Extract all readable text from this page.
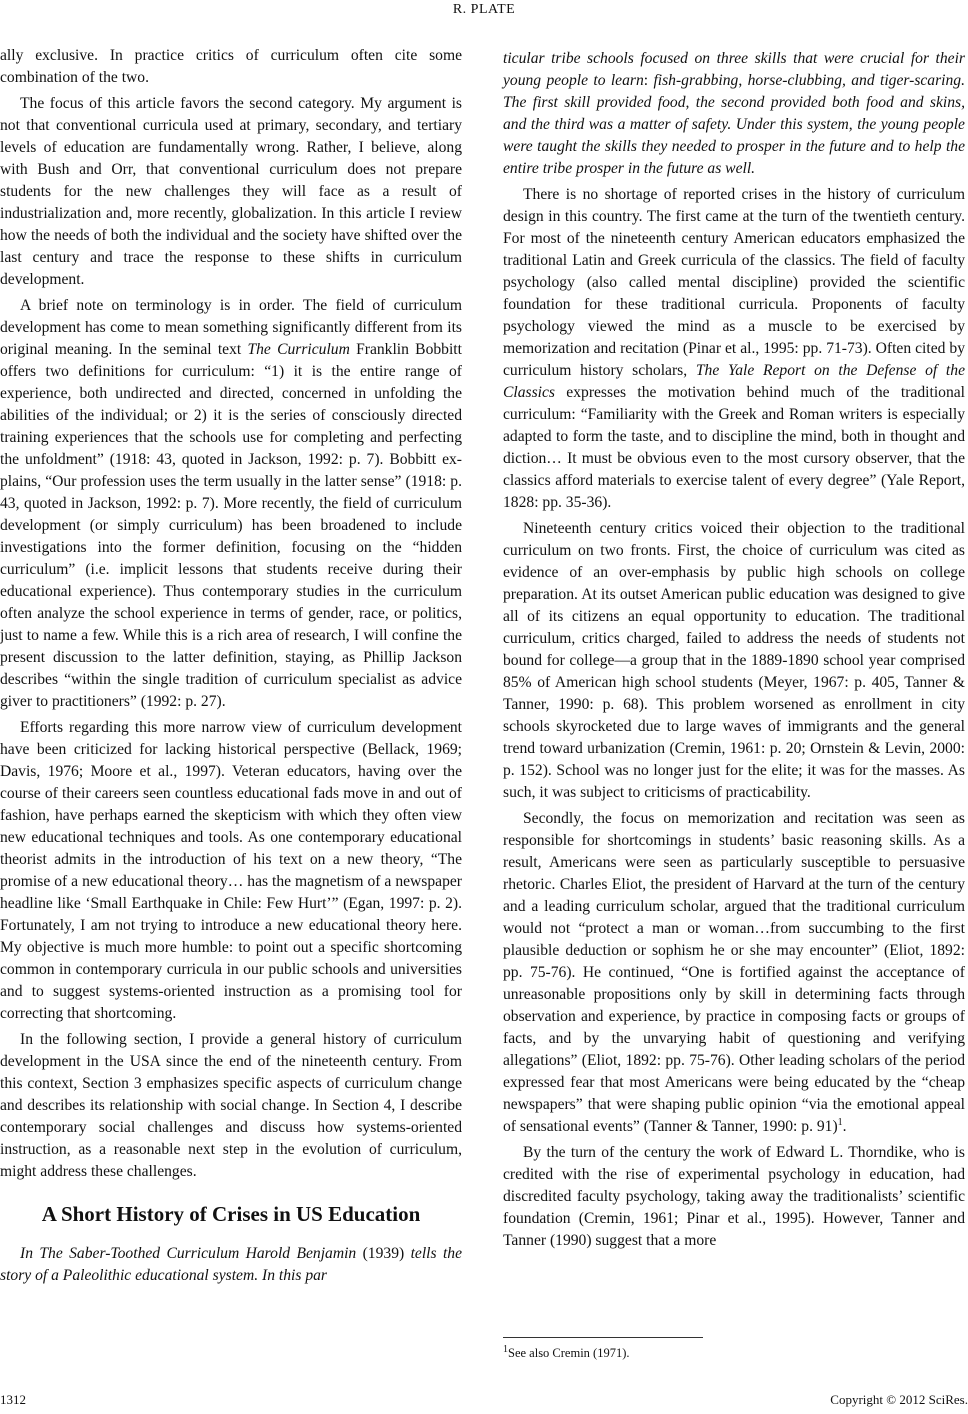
R. PLATE

ally exclusive. In practice critics of curriculum often cite some combination of the two.

The focus of this article favors the second category. My argument is not that conventional curricula used at primary, secondary, and tertiary levels of education are fundamentally wrong. Rather, I believe, along with Bush and Orr, that conventional curriculum does not prepare students for the new challenges they will face as a result of industrialization and, more recently, globalization. In this article I review how the needs of both the individual and the society have shifted over the last century and trace the response to these shifts in curriculum development.

A brief note on terminology is in order. The field of curriculum development has come to mean something significantly different from its original meaning. In the seminal text The Curriculum Franklin Bobbitt offers two definitions for curriculum: “1) it is the entire range of experience, both undirected and directed, concerned in unfolding the abilities of the individual; or 2) it is the series of consciously directed training experiences that the schools use for completing and perfecting the unfoldment” (1918: 43, quoted in Jackson, 1992: p. 7). Bobbitt explains, “Our profession uses the term usually in the latter sense” (1918: p. 43, quoted in Jackson, 1992: p. 7). More recently, the field of curriculum development (or simply curriculum) has been broadened to include investigations into the former definition, focusing on the “hidden curriculum” (i.e. implicit lessons that students receive during their educational experience). Thus contemporary studies in the curriculum often analyze the school experience in terms of gender, race, or politics, just to name a few. While this is a rich area of research, I will confine the present discussion to the latter definition, staying, as Phillip Jackson describes “within the single tradition of curriculum specialist as advice giver to practitioners” (1992: p. 27).

Efforts regarding this more narrow view of curriculum development have been criticized for lacking historical perspective (Bellack, 1969; Davis, 1976; Moore et al., 1997). Veteran educators, having over the course of their careers seen countless educational fads move in and out of fashion, have perhaps earned the skepticism with which they often view new educational techniques and tools. As one contemporary educational theorist admits in the introduction of his text on a new theory, “The promise of a new educational theory… has the magnetism of a newspaper headline like ‘Small Earthquake in Chile: Few Hurt’” (Egan, 1997: p. 2). Fortunately, I am not trying to introduce a new educational theory here. My objective is much more humble: to point out a specific shortcoming common in contemporary curricula in our public schools and universities and to suggest systems-oriented instruction as a promising tool for correcting that shortcoming.

In the following section, I provide a general history of curriculum development in the USA since the end of the nineteenth century. From this context, Section 3 emphasizes specific aspects of curriculum change and describes its relationship with social change. In Section 4, I describe contemporary social challenges and discuss how systems-oriented instruction, as a reasonable next step in the evolution of curriculum, might address these challenges.

A Short History of Crises in US Education

In The Saber-Toothed Curriculum Harold Benjamin (1939) tells the story of a Paleolithic educational system. In this par

ticular tribe schools focused on three skills that were crucial for their young people to learn: fish-grabbing, horse-clubbing, and tiger-scaring. The first skill provided food, the second provided both food and skins, and the third was a matter of safety. Under this system, the young people were taught the skills they needed to prosper in the future and to help the entire tribe prosper in the future as well.

There is no shortage of reported crises in the history of curriculum design in this country. The first came at the turn of the twentieth century. For most of the nineteenth century American educators emphasized the traditional Latin and Greek curricula of the classics. The field of faculty psychology (also called mental discipline) provided the scientific foundation for these traditional curricula. Proponents of faculty psychology viewed the mind as a muscle to be exercised by memorization and recitation (Pinar et al., 1995: pp. 71-73). Often cited by curriculum history scholars, The Yale Report on the Defense of the Classics expresses the motivation behind much of the traditional curriculum: “Familiarity with the Greek and Roman writers is especially adapted to form the taste, and to discipline the mind, both in thought and diction… It must be obvious even to the most cursory observer, that the classics afford materials to exercise talent of every degree” (Yale Report, 1828: pp. 35-36).

Nineteenth century critics voiced their objection to the traditional curriculum on two fronts. First, the choice of curriculum was cited as evidence of an over-emphasis by public high schools on college preparation. At its outset American public education was designed to give all of its citizens an equal opportunity to education. The traditional curriculum, critics charged, failed to address the needs of students not bound for college—a group that in the 1889-1890 school year comprised 85% of American high school students (Meyer, 1967: p. 405, Tanner & Tanner, 1990: p. 68). This problem worsened as enrollment in city schools skyrocketed due to large waves of immigrants and the general trend toward urbanization (Cremin, 1961: p. 20; Ornstein & Levin, 2000: p. 152). School was no longer just for the elite; it was for the masses. As such, it was subject to criticisms of practicability.

Secondly, the focus on memorization and recitation was seen as responsible for shortcomings in students’ basic reasoning skills. As a result, Americans were seen as particularly susceptible to persuasive rhetoric. Charles Eliot, the president of Harvard at the turn of the century and a leading curriculum scholar, argued that the traditional curriculum would not “protect a man or woman…from succumbing to the first plausible deduction or sophism he or she may encounter” (Eliot, 1892: pp. 75-76). He continued, “One is fortified against the acceptance of unreasonable propositions only by skill in determining facts through observation and experience, by practice in composing facts or groups of facts, and by the unvarying habit of questioning and verifying allegations” (Eliot, 1892: pp. 75-76). Other leading scholars of the period expressed fear that most Americans were being educated by the “cheap newspapers” that were shaping public opinion “via the emotional appeal of sensational events” (Tanner & Tanner, 1990: p. 91)$^1$.

By the turn of the century the work of Edward L. Thorndike, who is credited with the rise of experimental psychology in education, had discredited faculty psychology, taking away the traditionalists’ scientific foundation (Cremin, 1961; Pinar et al., 1995). However, Tanner and Tanner (1990) suggest that a more

$^1$See also Cremin (1971).
1312	Copyright © 2012 SciRes.
